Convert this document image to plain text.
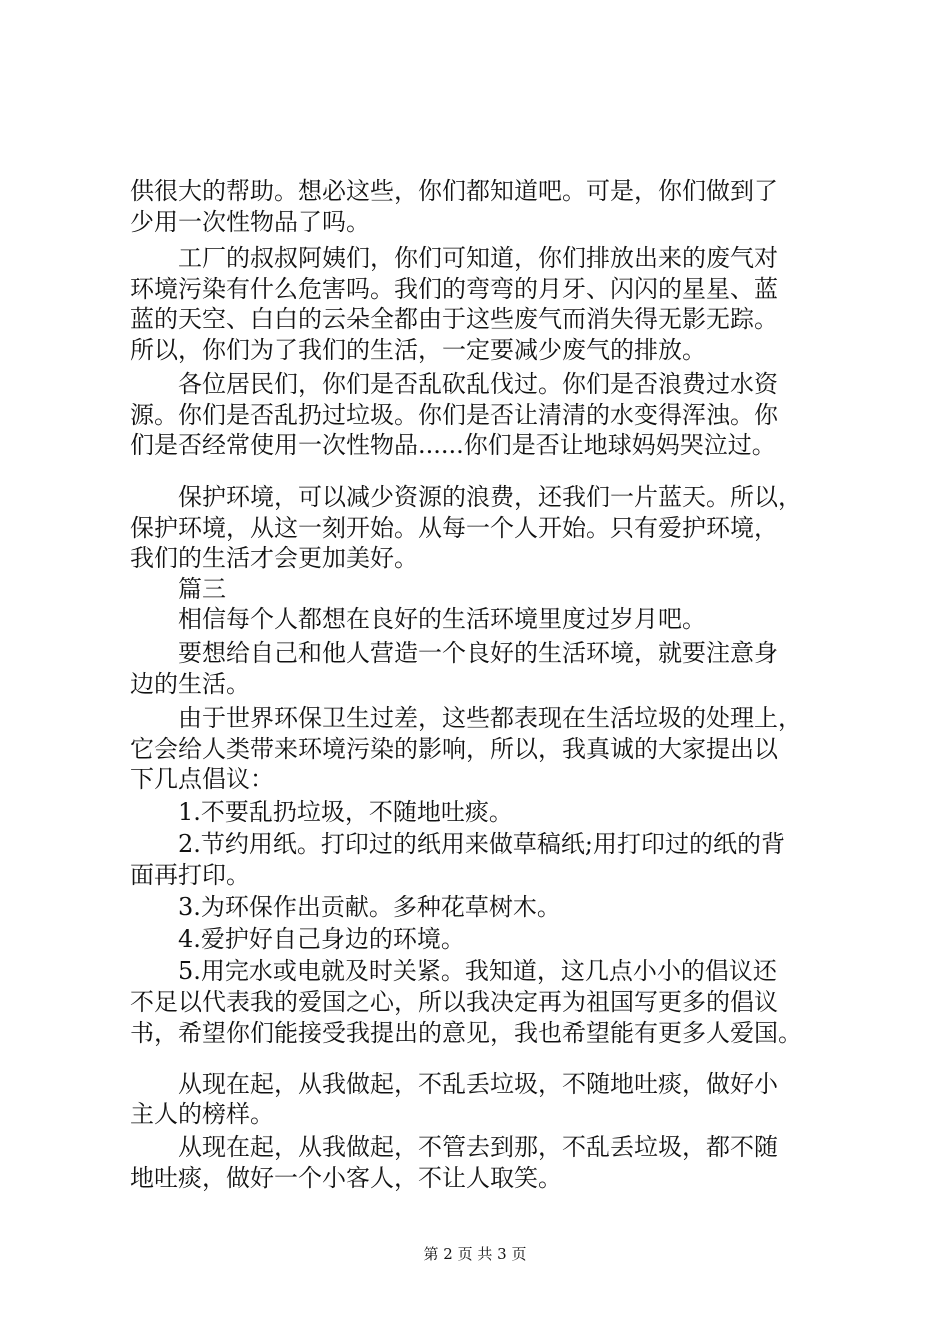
供很大的帮助。想必这些，你们都知道吧。可是，你们做到了
少用一次性物品了吗。
　　工厂的叔叔阿姨们，你们可知道，你们排放出来的废气对
环境污染有什么危害吗。我们的弯弯的月牙、闪闪的星星、蓝
蓝的天空、白白的云朵全都由于这些废气而消失得无影无踪。
所以，你们为了我们的生活，一定要减少废气的排放。
　　各位居民们，你们是否乱砍乱伐过。你们是否浪费过水资
源。你们是否乱扔过垃圾。你们是否让清清的水变得浑浊。你
们是否经常使用一次性物品......你们是否让地球妈妈哭泣过。
　　保护环境，可以减少资源的浪费，还我们一片蓝天。所以，
保护环境，从这一刻开始。从每一个人开始。只有爱护环境，
我们的生活才会更加美好。
　　篇三
　　相信每个人都想在良好的生活环境里度过岁月吧。
　　要想给自己和他人营造一个良好的生活环境，就要注意身
边的生活。
　　由于世界环保卫生过差，这些都表现在生活垃圾的处理上，
它会给人类带来环境污染的影响，所以，我真诚的大家提出以
下几点倡议：
　　1.不要乱扔垃圾，不随地吐痰。
　　2.节约用纸。打印过的纸用来做草稿纸;用打印过的纸的背
面再打印。
　　3.为环保作出贡献。多种花草树木。
　　4.爱护好自己身边的环境。
　　5.用完水或电就及时关紧。我知道，这几点小小的倡议还
不足以代表我的爱国之心，所以我决定再为祖国写更多的倡议
书，希望你们能接受我提出的意见，我也希望能有更多人爱国。
　　从现在起，从我做起，不乱丢垃圾，不随地吐痰，做好小
主人的榜样。
　　从现在起，从我做起，不管去到那，不乱丢垃圾，都不随
地吐痰，做好一个小客人，不让人取笑。
第 2 页 共 3 页
